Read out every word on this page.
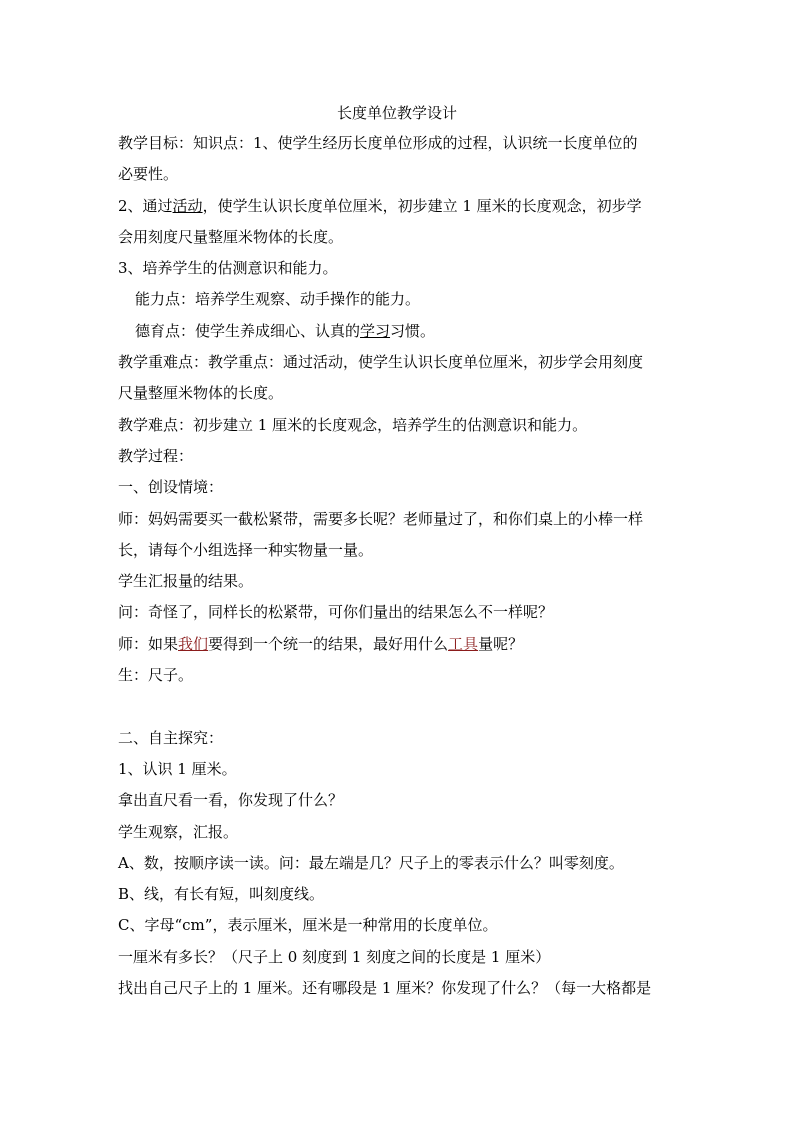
长度单位教学设计
教学目标：知识点：1、使学生经历长度单位形成的过程，认识统一长度单位的
必要性。
2、通过活动，使学生认识长度单位厘米，初步建立 1 厘米的长度观念，初步学
会用刻度尺量整厘米物体的长度。
3、培养学生的估测意识和能力。
能力点：培养学生观察、动手操作的能力。
德育点：使学生养成细心、认真的学习习惯。
教学重难点：教学重点：通过活动，使学生认识长度单位厘米，初步学会用刻度
尺量整厘米物体的长度。
教学难点：初步建立 1 厘米的长度观念，培养学生的估测意识和能力。
教学过程：
一、创设情境：
师：妈妈需要买一截松紧带，需要多长呢？老师量过了，和你们桌上的小棒一样
长，请每个小组选择一种实物量一量。
学生汇报量的结果。
问：奇怪了，同样长的松紧带，可你们量出的结果怎么不一样呢？
师：如果我们要得到一个统一的结果，最好用什么工具量呢？
生：尺子。
二、自主探究：
1、认识 1 厘米。
拿出直尺看一看，你发现了什么？
学生观察，汇报。
A、数，按顺序读一读。问：最左端是几？尺子上的零表示什么？叫零刻度。
B、线，有长有短，叫刻度线。
C、字母“cm”，表示厘米，厘米是一种常用的长度单位。
一厘米有多长？（尺子上 0 刻度到 1 刻度之间的长度是 1 厘米）
找出自己尺子上的 1 厘米。还有哪段是 1 厘米？你发现了什么？（每一大格都是
